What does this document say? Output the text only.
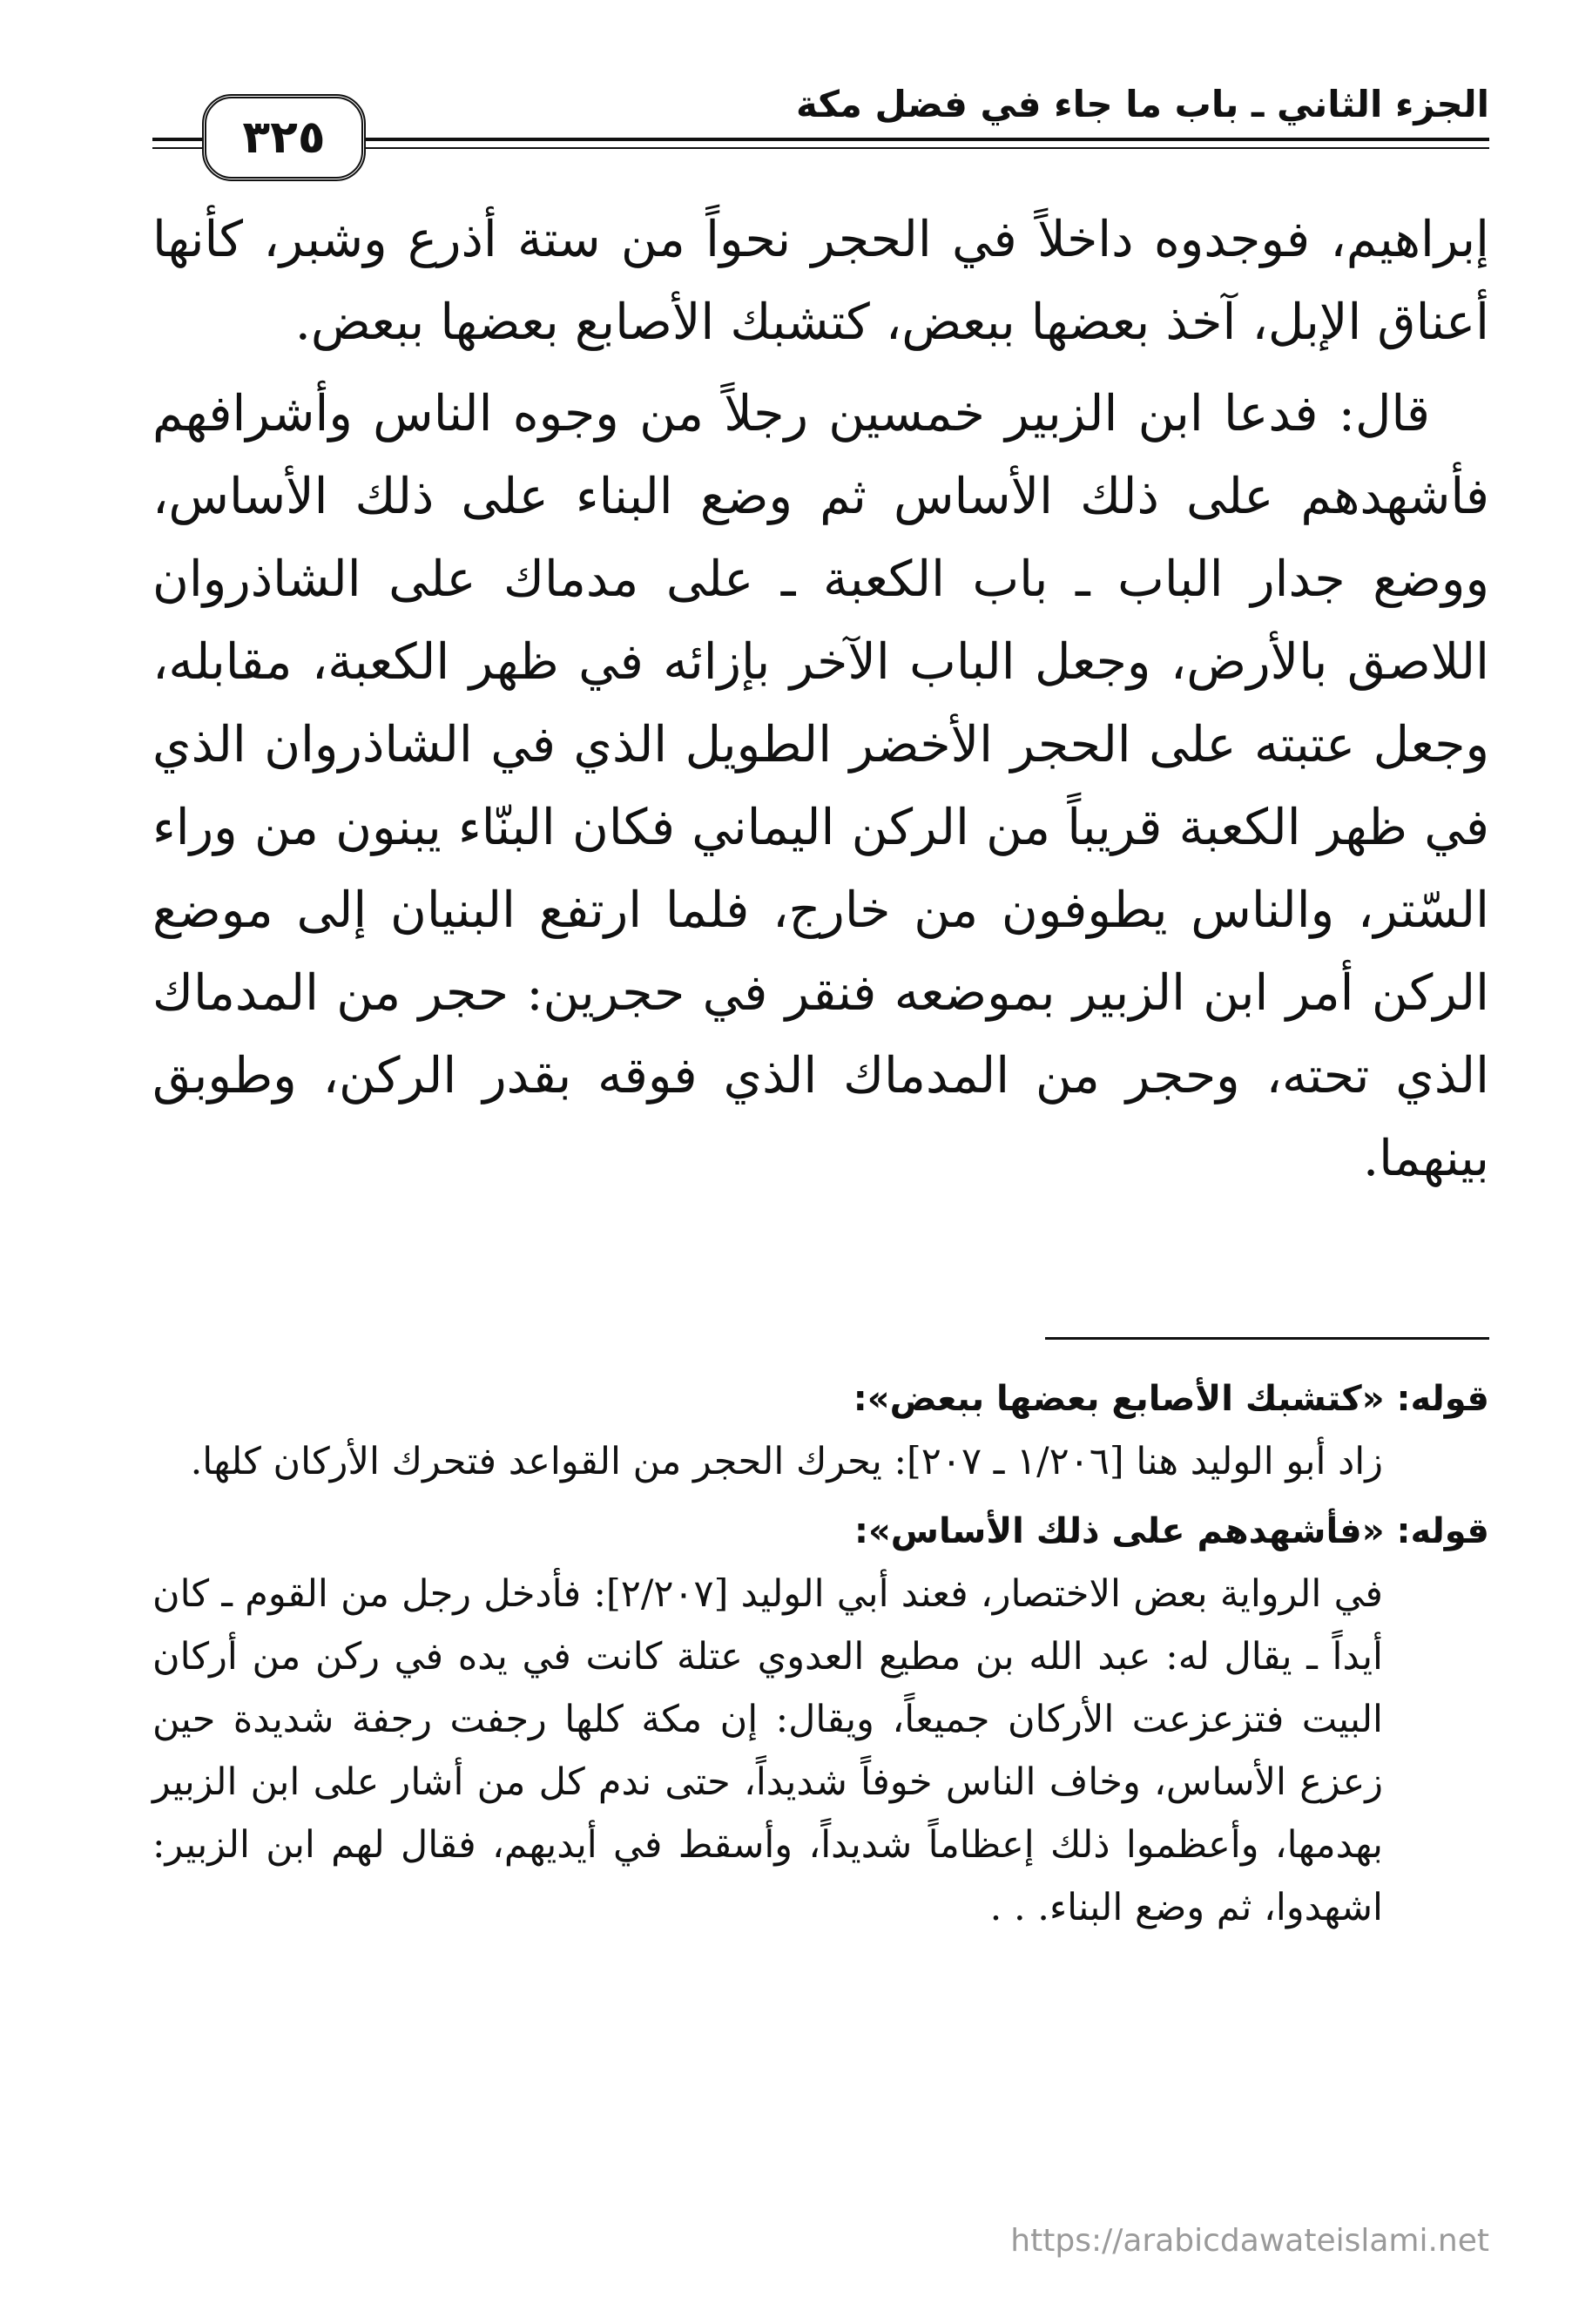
الجزء الثاني ـ باب ما جاء في فضل مكة
٣٢٥

إبراهيم، فوجدوه داخلاً في الحجر نحواً من ستة أذرع وشبر، كأنها أعناق الإبل، آخذ بعضها ببعض، كتشبك الأصابع بعضها ببعض.

قال: فدعا ابن الزبير خمسين رجلاً من وجوه الناس وأشرافهم فأشهدهم على ذلك الأساس ثم وضع البناء على ذلك الأساس، ووضع جدار الباب ـ باب الكعبة ـ على مدماك على الشاذروان اللاصق بالأرض، وجعل الباب الآخر بإزائه في ظهر الكعبة، مقابله، وجعل عتبته على الحجر الأخضر الطويل الذي في الشاذروان الذي في ظهر الكعبة قريباً من الركن اليماني فكان البنّاء يبنون من وراء السّتر، والناس يطوفون من خارج، فلما ارتفع البنيان إلى موضع الركن أمر ابن الزبير بموضعه فنقر في حجرين: حجر من المدماك الذي تحته، وحجر من المدماك الذي فوقه بقدر الركن، وطوبق بينهما.

قوله: «كتشبك الأصابع بعضها ببعض»:

زاد أبو الوليد هنا [١/٢٠٦ ـ ٢٠٧]: يحرك الحجر من القواعد فتحرك الأركان كلها.

قوله: «فأشهدهم على ذلك الأساس»:

في الرواية بعض الاختصار، فعند أبي الوليد [٢/٢٠٧]: فأدخل رجل من القوم ـ كان أيداً ـ يقال له: عبد الله بن مطيع العدوي عتلة كانت في يده في ركن من أركان البيت فتزعزعت الأركان جميعاً، ويقال: إن مكة كلها رجفت رجفة شديدة حين زعزع الأساس، وخاف الناس خوفاً شديداً، حتى ندم كل من أشار على ابن الزبير بهدمها، وأعظموا ذلك إعظاماً شديداً، وأسقط في أيديهم، فقال لهم ابن الزبير: اشهدوا، ثم وضع البناء. . .

https://arabicdawateislami.net
